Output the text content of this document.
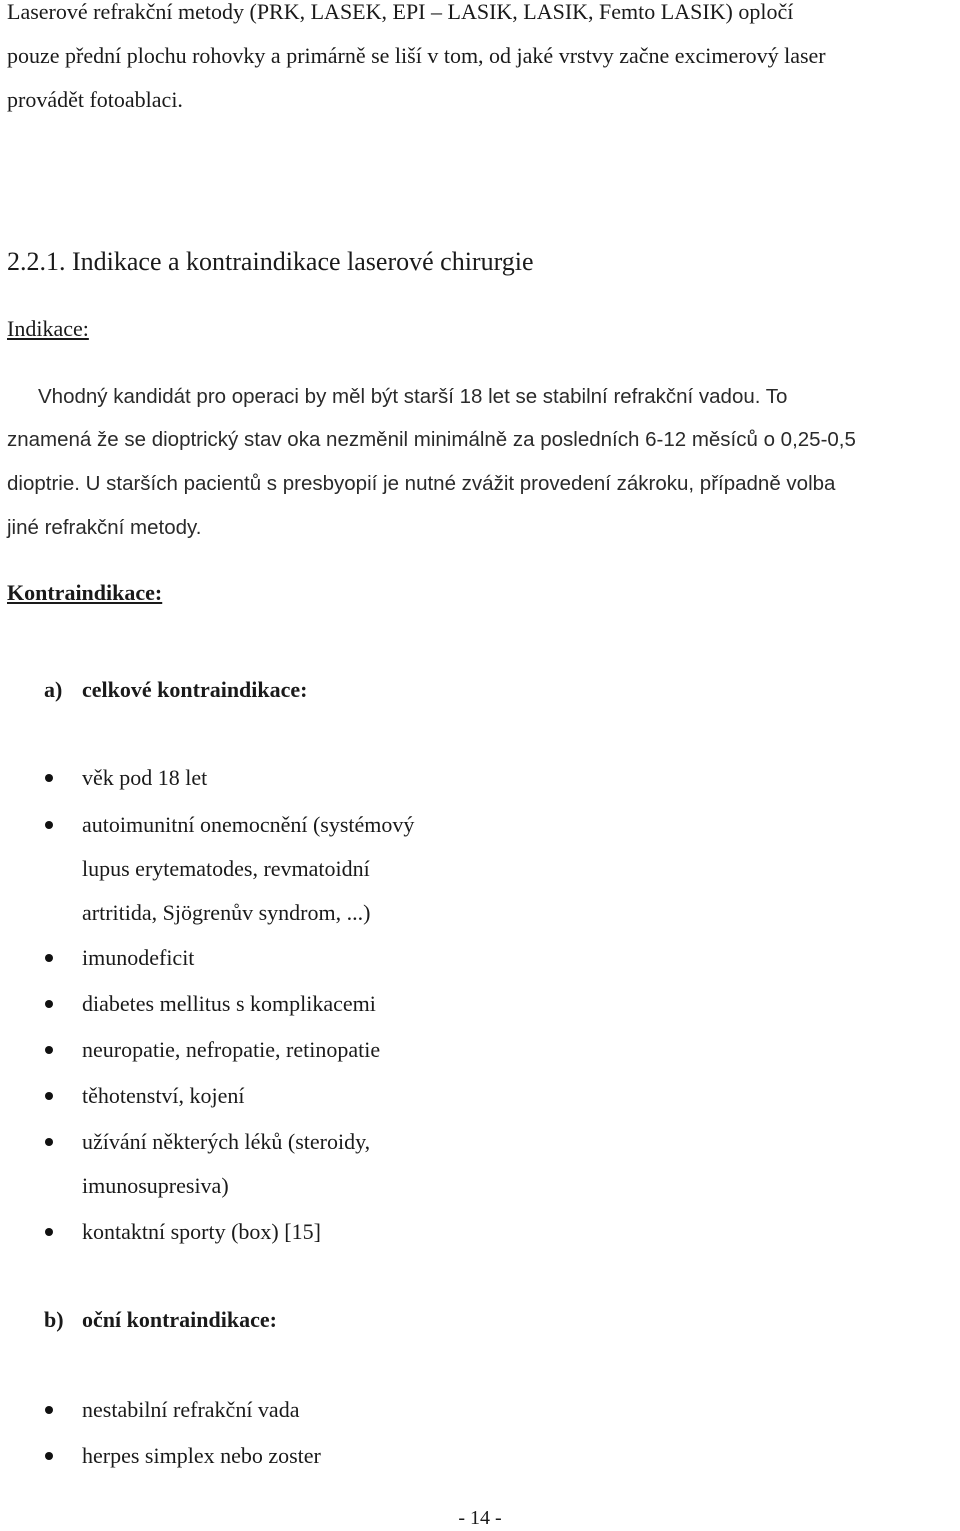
Laserové refrakční metody (PRK, LASEK, EPI – LASIK, LASIK, Femto LASIK) opločí
pouze přední plochu rohovky a primárně se liší v tom, od jaké vrstvy začne excimerový laser
provádět fotoablaci.
2.2.1. Indikace a kontraindikace laserové chirurgie
Indikace:
Vhodný kandidát pro operaci by měl být starší 18 let se stabilní refrakční vadou. To
znamená že se dioptrický stav oka nezměnil minimálně za posledních 6-12 měsíců o 0,25-0,5
dioptrie. U starších pacientů s presbyopií je nutné zvážit provedení zákroku, případně volba
jiné refrakční metody.
Kontraindikace:
a) celkové kontraindikace:
věk pod 18 let
autoimunitní onemocnění (systémový
lupus erytematodes, revmatoidní
artritida, Sjögrenův syndrom, ...)
imunodeficit
diabetes mellitus s komplikacemi
neuropatie, nefropatie, retinopatie
těhotenství, kojení
užívání některých léků (steroidy,
imunosupresiva)
kontaktní sporty (box) [15]
b) oční kontraindikace:
nestabilní refrakční vada
herpes simplex nebo zoster
- 14 -
